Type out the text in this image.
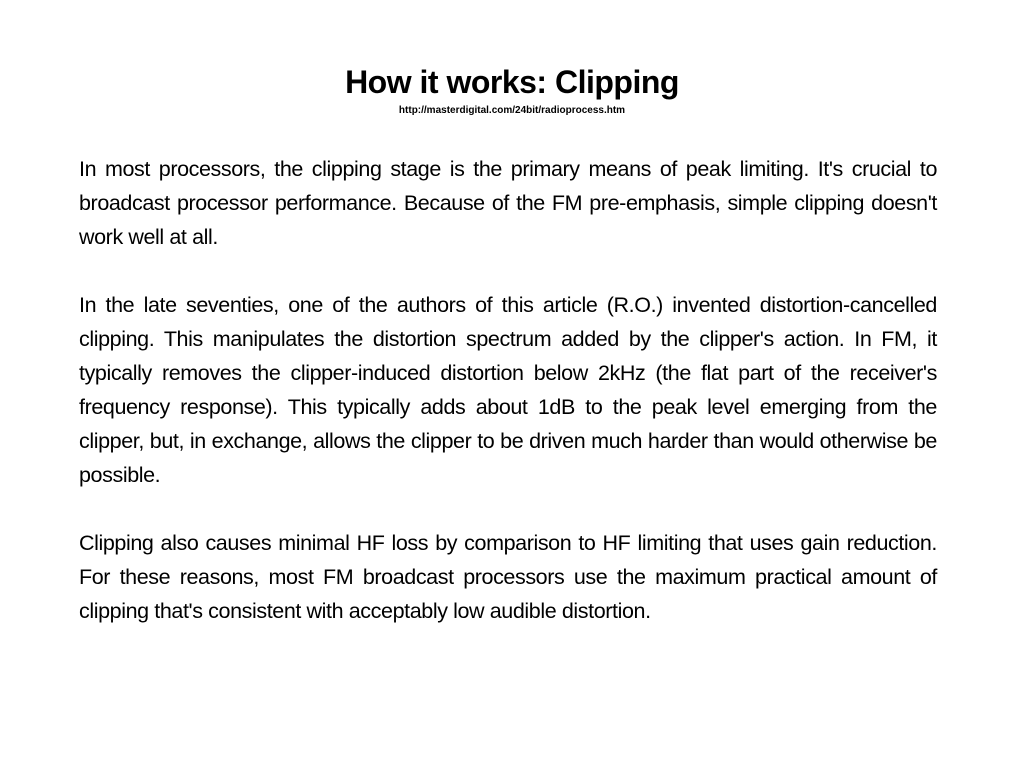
How it works: Clipping
http://masterdigital.com/24bit/radioprocess.htm

In most processors, the clipping stage is the primary means of peak limiting. It's crucial to broadcast processor performance. Because of the FM pre-emphasis, simple clipping doesn't work well at all.

In the late seventies, one of the authors of this article (R.O.) invented distortion-cancelled clipping. This manipulates the distortion spectrum added by the clipper's action. In FM, it typically removes the clipper-induced distortion below 2kHz (the flat part of the receiver's frequency response). This typically adds about 1dB to the peak level emerging from the clipper, but, in exchange, allows the clipper to be driven much harder than would otherwise be possible.

Clipping also causes minimal HF loss by comparison to HF limiting that uses gain reduction. For these reasons, most FM broadcast processors use the maximum practical amount of clipping that's consistent with acceptably low audible distortion.
